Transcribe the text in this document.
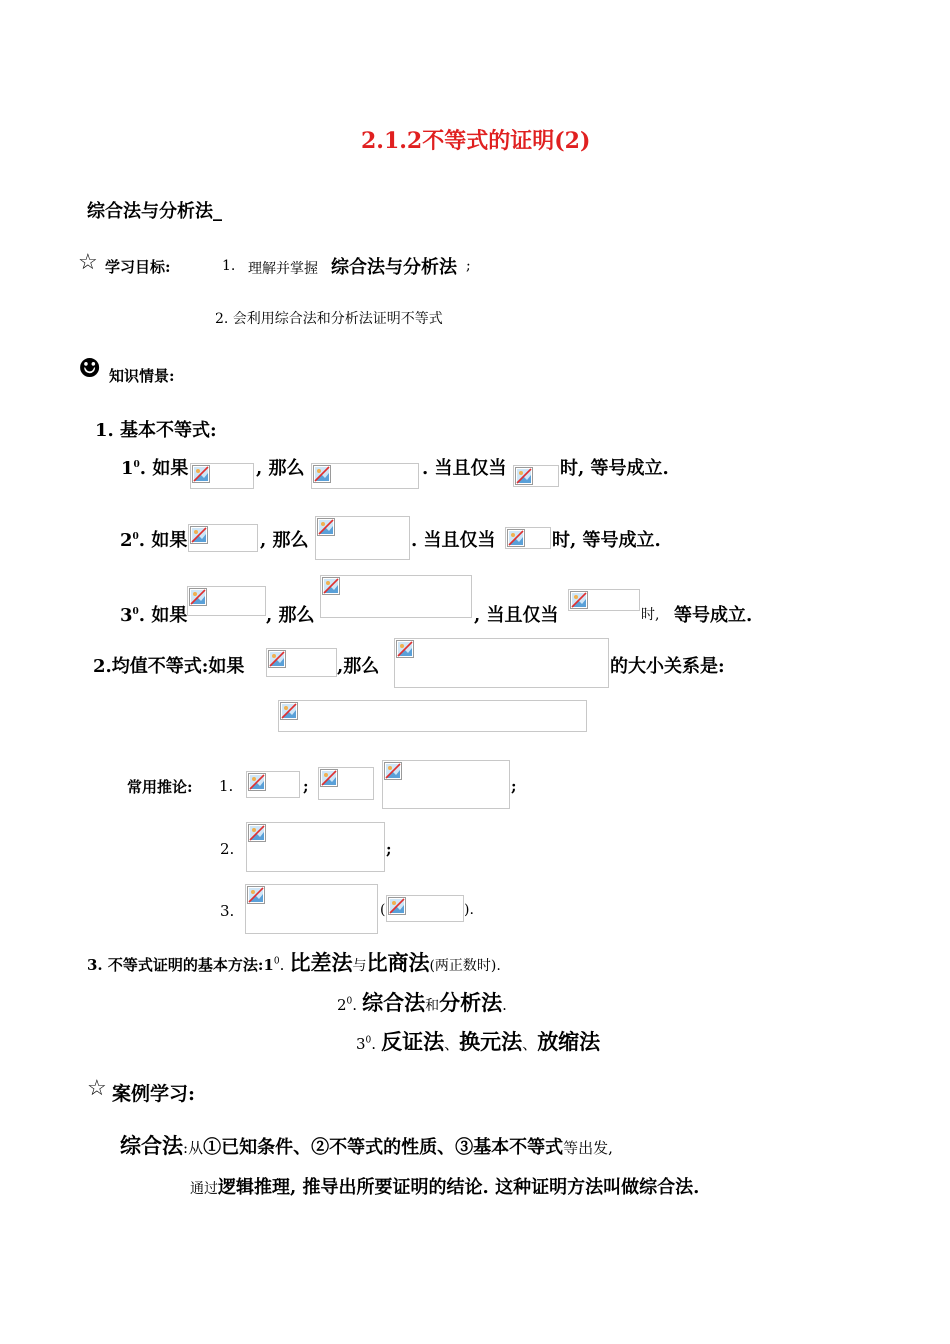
2.1.2不等式的证明(2)
综合法与分析法_
☆ 学习目标:	1. 理解并掌握 综合法与分析法 ;
2. 会利用综合法和分析法证明不等式
☻ 知识情景:
1. 基本不等式:
$1^0$. 如果	, 那么	. 当且仅当	时, 等号成立.
$2^0$. 如果	, 那么	. 当且仅当	时, 等号成立.
$3^0$. 如果	, 那么	, 当且仅当	时, 等号成立.
2.均值不等式:如果	,那么	的大小关系是:
常用推论: 1.	;	;
2.	;
3.	(	).
3. 不等式证明的基本方法$:1^0$. 比差法与比商法(两正数时).
$2^0$. 综合法和分析法.
$3^0$. 反证法、换元法、放缩法
☆ 案例学习:
综合法:从①已知条件、②不等式的性质、③基本不等式等出发,
通过逻辑推理, 推导出所要证明的结论. 这种证明方法叫做综合法.
